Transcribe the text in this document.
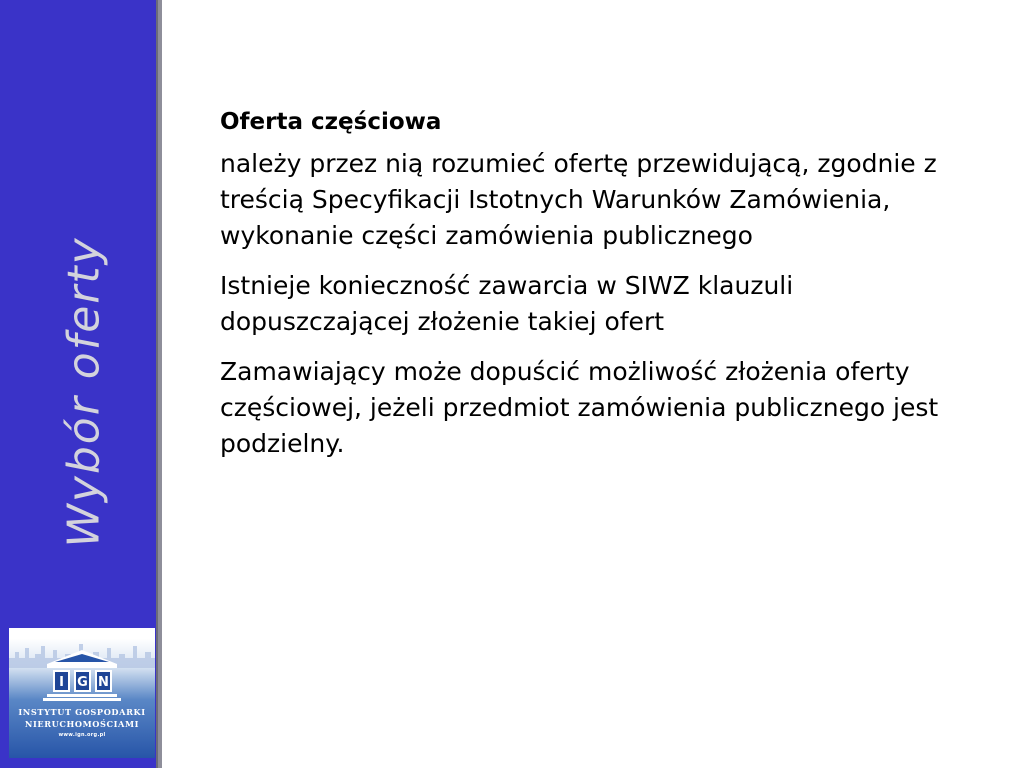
Wybór oferty
I G N
INSTYTUT GOSPODARKI
NIERUCHOMOŚCIAMI
www.ign.org.pl
Oferta częściowa
należy przez nią rozumieć ofertę przewidującą, zgodnie z treścią Specyfikacji Istotnych Warunków Zamówienia, wykonanie części zamówienia publicznego
Istnieje konieczność zawarcia w SIWZ klauzuli dopuszczającej złożenie takiej ofert
Zamawiający może dopuścić możliwość złożenia oferty częściowej, jeżeli przedmiot zamówienia publicznego jest podzielny.
